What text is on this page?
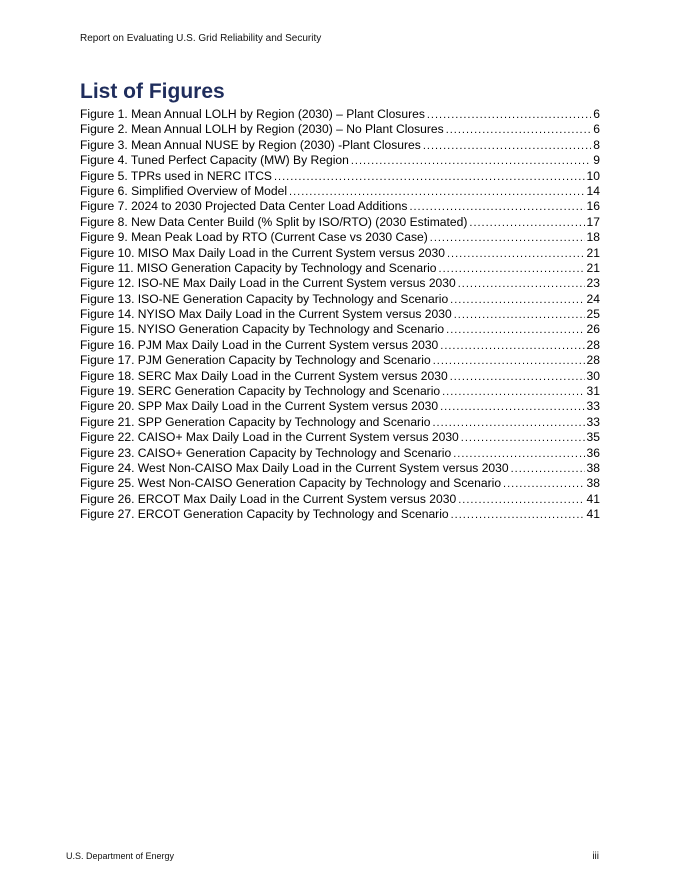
Report on Evaluating U.S. Grid Reliability and Security
List of Figures
Figure 1. Mean Annual LOLH by Region (2030) – Plant Closures .....	6
Figure 2. Mean Annual LOLH by Region (2030) – No Plant Closures .....	6
Figure 3. Mean Annual NUSE by Region (2030) -Plant Closures .....	8
Figure 4. Tuned Perfect Capacity (MW) By Region .....	9
Figure 5. TPRs used in NERC ITCS .....	10
Figure 6. Simplified Overview of Model .....	14
Figure 7. 2024 to 2030 Projected Data Center Load Additions .....	16
Figure 8. New Data Center Build (% Split by ISO/RTO) (2030 Estimated) .....	17
Figure 9. Mean Peak Load by RTO (Current Case vs 2030 Case) .....	18
Figure 10. MISO Max Daily Load in the Current System versus 2030 .....	21
Figure 11. MISO Generation Capacity by Technology and Scenario .....	21
Figure 12. ISO-NE Max Daily Load in the Current System versus 2030 .....	23
Figure 13. ISO-NE Generation Capacity by Technology and Scenario .....	24
Figure 14. NYISO Max Daily Load in the Current System versus 2030 .....	25
Figure 15. NYISO Generation Capacity by Technology and Scenario .....	26
Figure 16. PJM Max Daily Load in the Current System versus 2030 .....	28
Figure 17. PJM Generation Capacity by Technology and Scenario .....	28
Figure 18. SERC Max Daily Load in the Current System versus 2030 .....	30
Figure 19. SERC Generation Capacity by Technology and Scenario .....	31
Figure 20. SPP Max Daily Load in the Current System versus 2030 .....	33
Figure 21. SPP Generation Capacity by Technology and Scenario .....	33
Figure 22. CAISO+ Max Daily Load in the Current System versus 2030 .....	35
Figure 23. CAISO+ Generation Capacity by Technology and Scenario .....	36
Figure 24. West Non-CAISO Max Daily Load in the Current System versus 2030 .....	38
Figure 25. West Non-CAISO Generation Capacity by Technology and Scenario .....	38
Figure 26. ERCOT Max Daily Load in the Current System versus 2030 .....	41
Figure 27. ERCOT Generation Capacity by Technology and Scenario .....	41
U.S. Department of Energy	iii
